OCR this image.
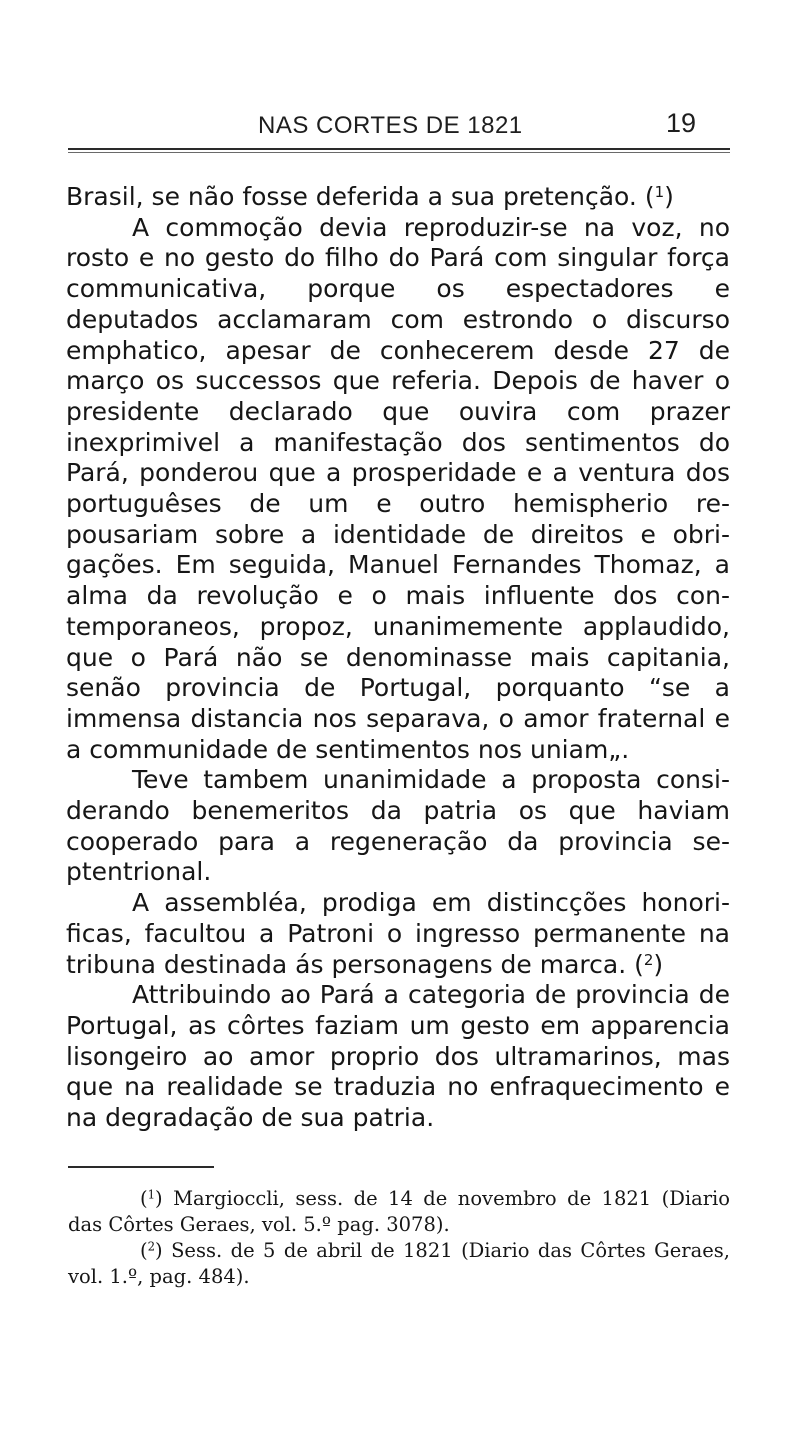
NAS CORTES DE 1821	19

Brasil, se não fosse deferida a sua pretenção. ($^1$)

A commoção devia reproduzir-se na voz, no rosto e no gesto do filho do Pará com singular força communicativa, porque os espectadores e deputados acclamaram com estrondo o discurso emphatico, apesar de conhecerem desde 27 de março os successos que referia. Depois de haver o presidente declarado que ouvira com prazer inexprimivel a manifestação dos sentimentos do Pará, ponderou que a prosperidade e a ventura dos portuguêses de um e outro hemispherio repousariam sobre a identidade de direitos e obrigações. Em seguida, Manuel Fernandes Thomaz, a alma da revolução e o mais influente dos contemporaneos, propoz, unanimemente applaudido, que o Pará não se denominasse mais capitania, senão provincia de Portugal, porquanto “se a immensa distancia nos separava, o amor fraternal e a communidade de sentimentos nos uniam„.

Teve tambem unanimidade a proposta considerando benemeritos da patria os que haviam cooperado para a regeneração da provincia septentrional.

A assembléa, prodiga em distincções honorificas, facultou a Patroni o ingresso permanente na tribuna destinada ás personagens de marca. ($^2$)

Attribuindo ao Pará a categoria de provincia de Portugal, as côrtes faziam um gesto em apparencia lisongeiro ao amor proprio dos ultramarinos, mas que na realidade se traduzia no enfraquecimento e na degradação de sua patria.

($^1$) Margioccli, sess. de 14 de novembro de 1821 (Diario das Côrtes Geraes, vol. 5.º pag. 3078).

($^2$) Sess. de 5 de abril de 1821 (Diario das Côrtes Geraes, vol. 1.º, pag. 484).
